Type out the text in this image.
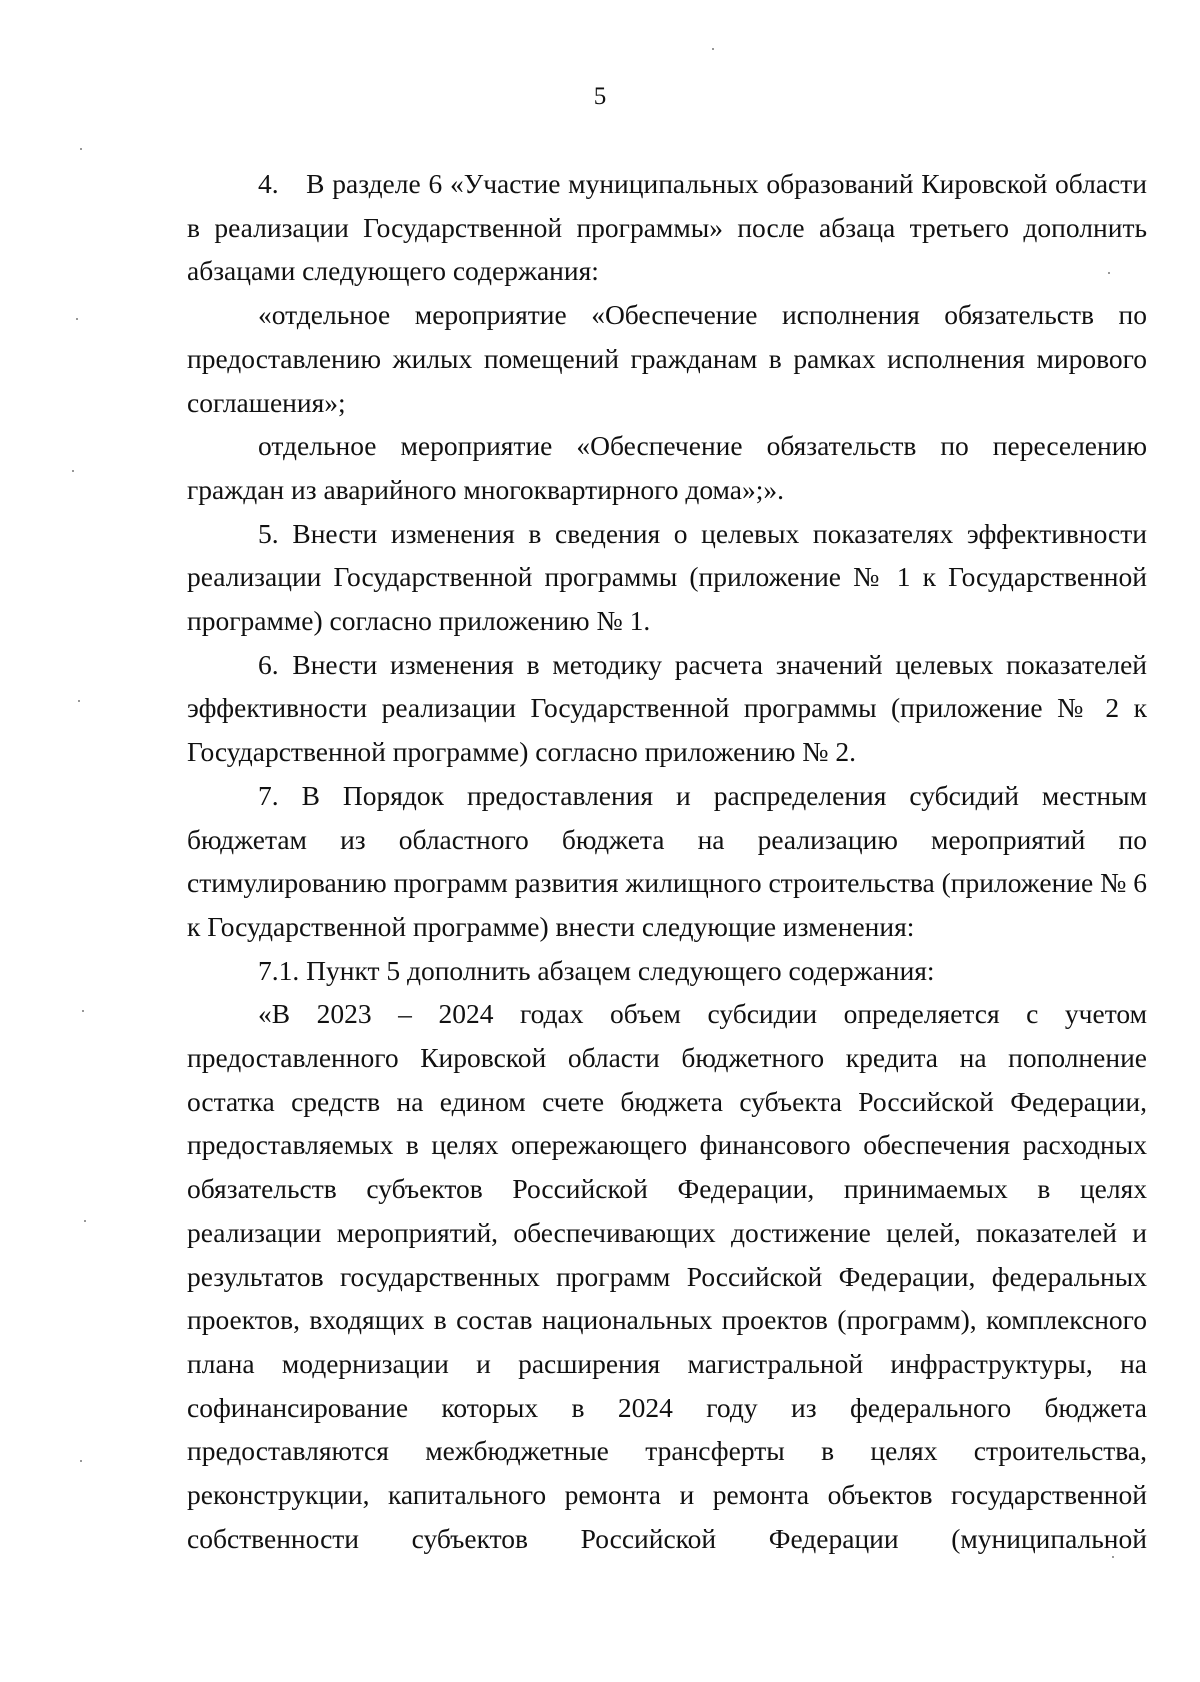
5

4.  В разделе 6 «Участие муниципальных образований Кировской области в реализации Государственной программы» после абзаца третьего дополнить абзацами следующего содержания:

«отдельное мероприятие «Обеспечение исполнения обязательств по предоставлению жилых помещений гражданам в рамках исполнения мирового соглашения»;

отдельное мероприятие «Обеспечение обязательств по переселению граждан из аварийного многоквартирного дома»;».

5. Внести изменения в сведения о целевых показателях эффективности реализации Государственной программы (приложение № 1 к Государственной программе) согласно приложению № 1.

6. Внести изменения в методику расчета значений целевых показателей эффективности реализации Государственной программы (приложение № 2 к Государственной программе) согласно приложению № 2.

7. В Порядок предоставления и распределения субсидий местным бюджетам из областного бюджета на реализацию мероприятий по стимулированию программ развития жилищного строительства (приложение № 6 к Государственной программе) внести следующие изменения:

7.1. Пункт 5 дополнить абзацем следующего содержания:

«В 2023 – 2024 годах объем субсидии определяется с учетом предоставленного Кировской области бюджетного кредита на пополнение остатка средств на едином счете бюджета субъекта Российской Федерации, предоставляемых в целях опережающего финансового обеспечения расходных обязательств субъектов Российской Федерации, принимаемых в целях реализации мероприятий, обеспечивающих достижение целей, показателей и результатов государственных программ Российской Федерации, федеральных проектов, входящих в состав национальных проектов (программ), комплексного плана модернизации и расширения магистральной инфраструктуры, на софинансирование которых в 2024 году из федерального бюджета предоставляются межбюджетные трансферты в целях строительства, реконструкции, капитального ремонта и ремонта объектов государственной собственности субъектов Российской Федерации (муниципальной
